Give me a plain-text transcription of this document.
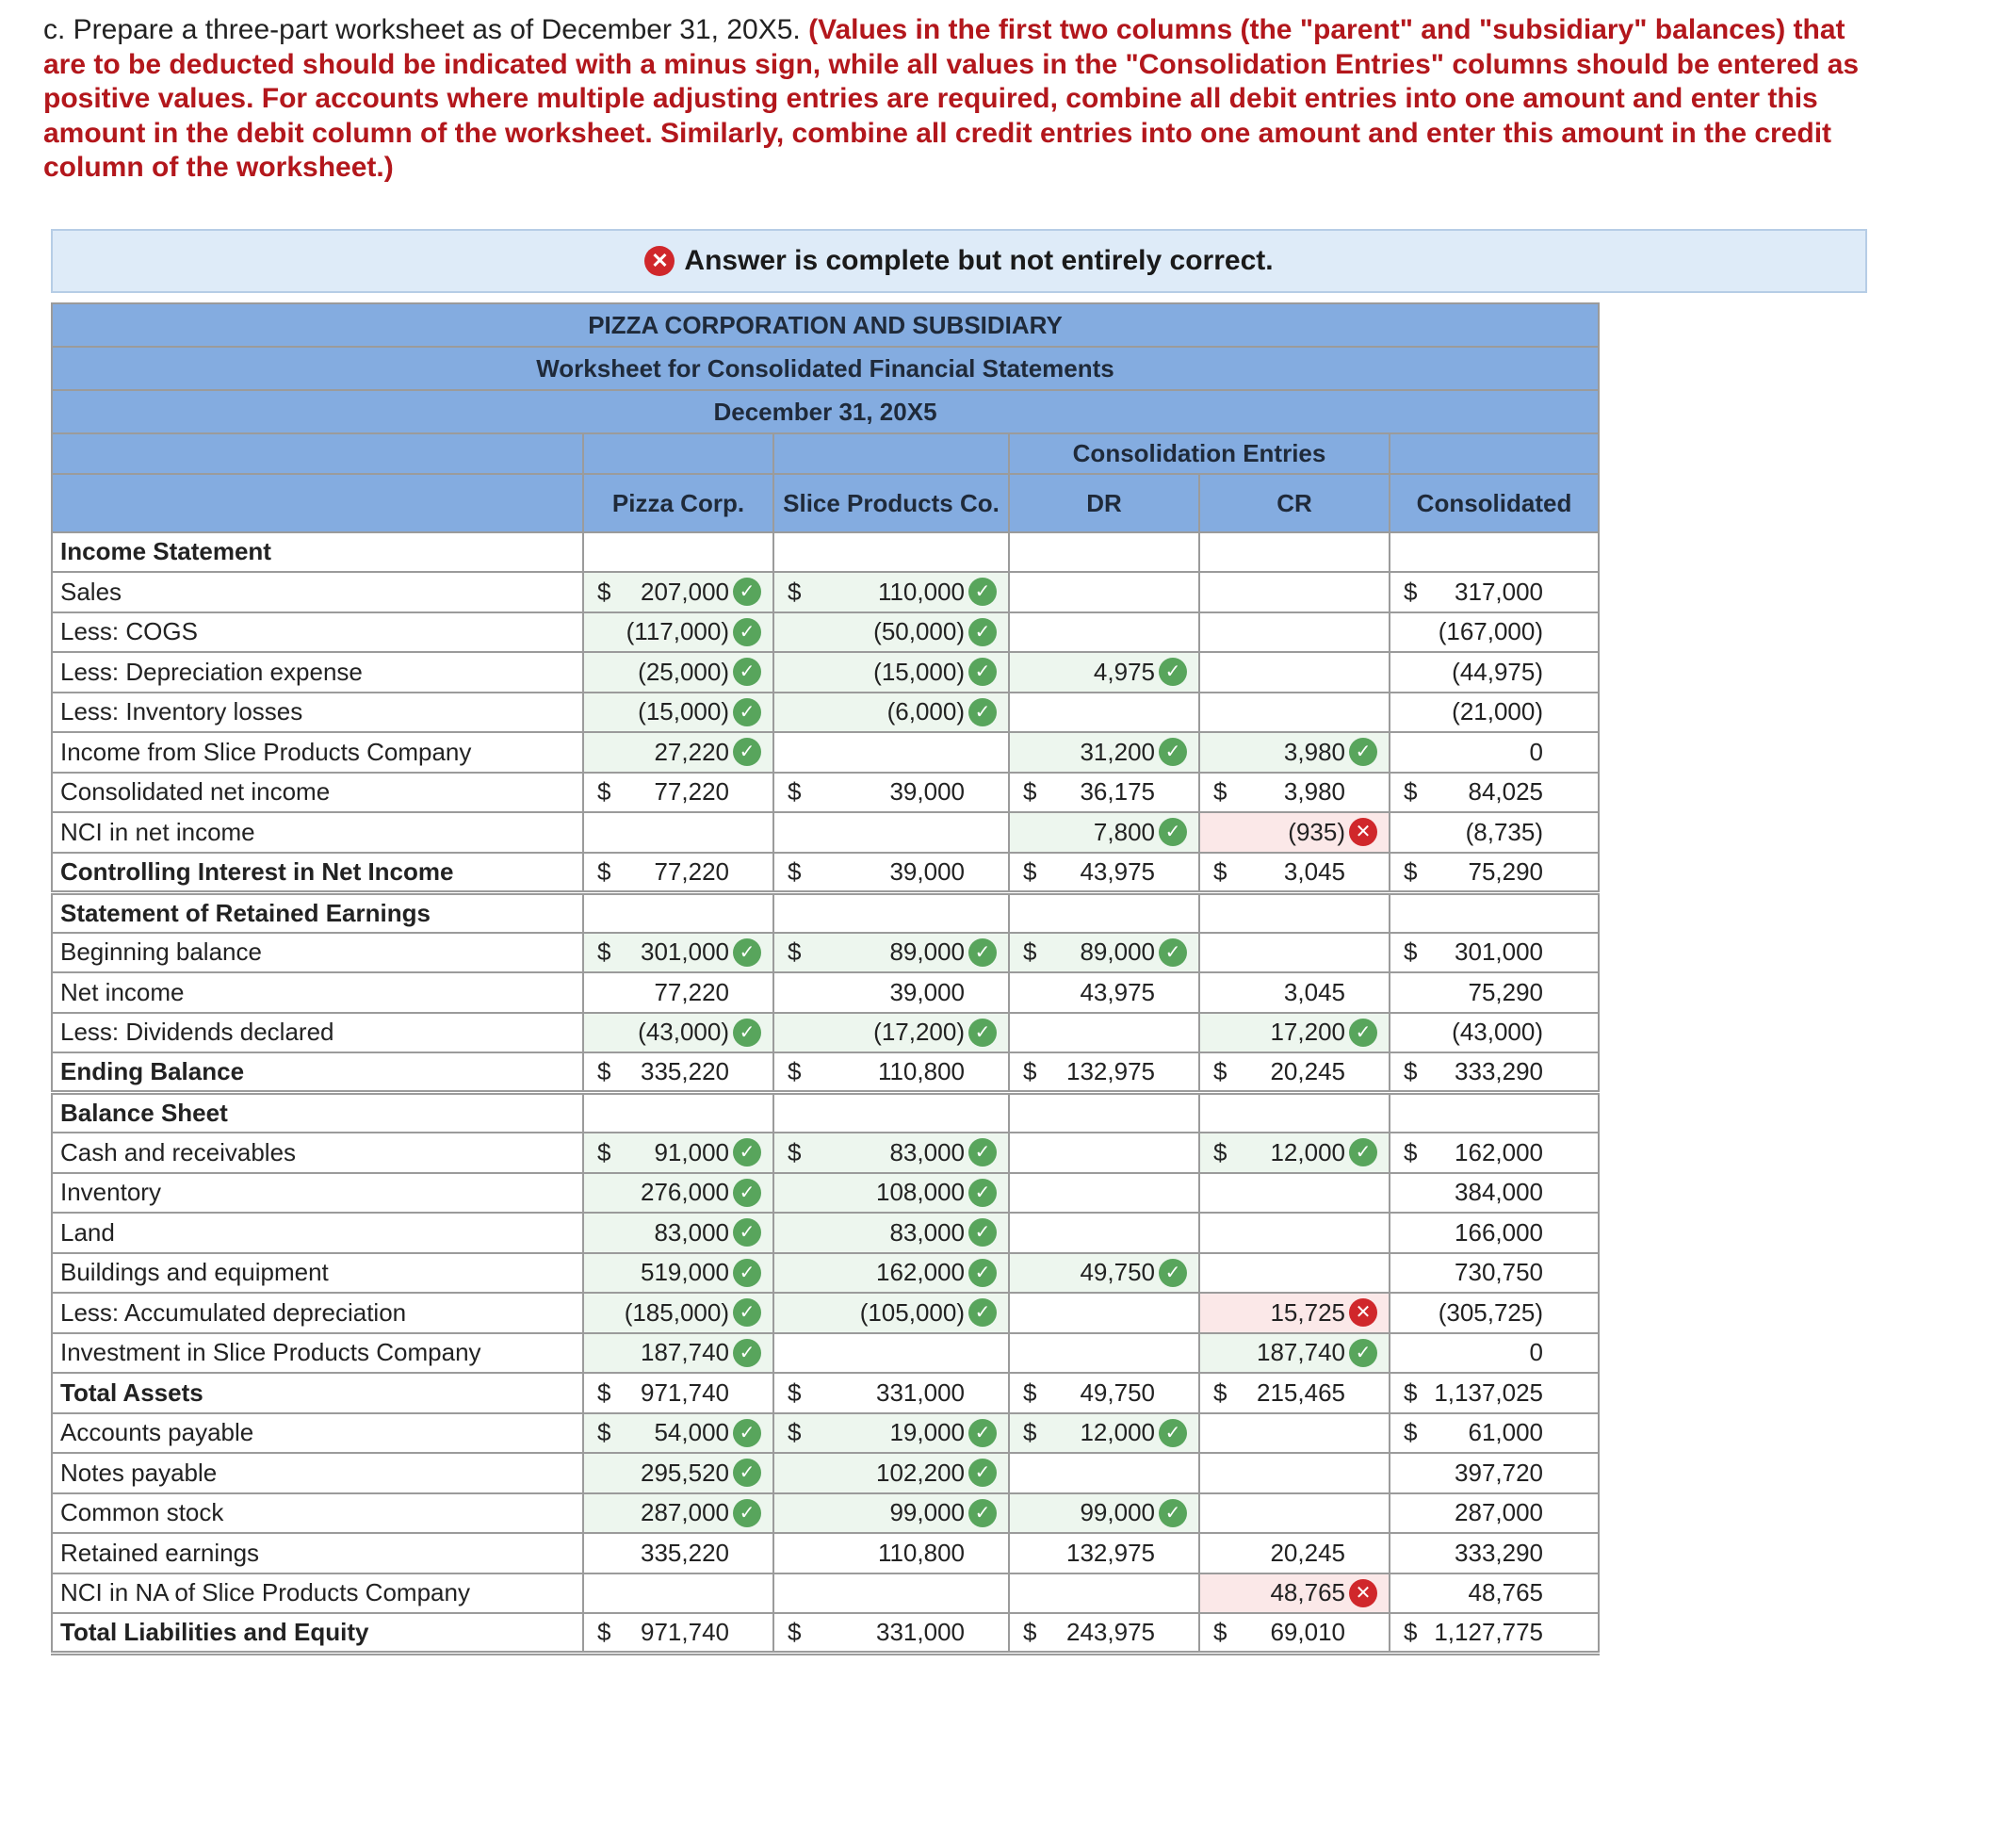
c. Prepare a three-part worksheet as of December 31, 20X5. (Values in the first two columns (the "parent" and "subsidiary" balances) that are to be deducted should be indicated with a minus sign, while all values in the "Consolidation Entries" columns should be entered as positive values. For accounts where multiple adjusting entries are required, combine all debit entries into one amount and enter this amount in the debit column of the worksheet. Similarly, combine all credit entries into one amount and enter this amount in the credit column of the worksheet.)
✕ Answer is complete but not entirely correct.
PIZZA CORPORATION AND SUBSIDIARY					
Worksheet for Consolidated Financial Statements					
December 31, 20X5					
			Consolidation Entries		
	Pizza Corp.	Slice Products Co.	DR	CR	Consolidated
Income Statement	

Sales	$ 207,000 ✓	$ 110,000 ✓			$ 317,000

Less: COGS	(117,000) ✓	(50,000) ✓			(167,000)

Less: Depreciation expense	(25,000) ✓	(15,000) ✓	4,975 ✓		(44,975)

Less: Inventory losses	(15,000) ✓	(6,000) ✓			(21,000)

Income from Slice Products Company	27,220 ✓		31,200 ✓	3,980 ✓	0

Consolidated net income	$ 77,220	$ 39,000	$ 36,175	$ 3,980	$ 84,025

NCI in net income			7,800 ✓	(935) ✕	(8,735)

Controlling Interest in Net Income	$ 77,220	$ 39,000	$ 43,975	$ 3,045	$ 75,290

Statement of Retained Earnings	

Beginning balance	$ 301,000 ✓	$ 89,000 ✓	$ 89,000 ✓		$ 301,000

Net income	77,220	39,000	43,975	3,045	75,290

Less: Dividends declared	(43,000) ✓	(17,200) ✓		17,200 ✓	(43,000)

Ending Balance	$ 335,220	$ 110,800	$ 132,975	$ 20,245	$ 333,290

Balance Sheet	

Cash and receivables	$ 91,000 ✓	$ 83,000 ✓		$ 12,000 ✓	$ 162,000

Inventory	276,000 ✓	108,000 ✓			384,000

Land	83,000 ✓	83,000 ✓			166,000

Buildings and equipment	519,000 ✓	162,000 ✓	49,750 ✓		730,750

Less: Accumulated depreciation	(185,000) ✓	(105,000) ✓		15,725 ✕	(305,725)

Investment in Slice Products Company	187,740 ✓			187,740 ✓	0

Total Assets	$ 971,740	$ 331,000	$ 49,750	$ 215,465	$ 1,137,025

Accounts payable	$ 54,000 ✓	$ 19,000 ✓	$ 12,000 ✓		$ 61,000

Notes payable	295,520 ✓	102,200 ✓			397,720

Common stock	287,000 ✓	99,000 ✓	99,000 ✓		287,000

Retained earnings	335,220	110,800	132,975	20,245	333,290

NCI in NA of Slice Products Company				48,765 ✕	48,765

Total Liabilities and Equity	$ 971,740	$ 331,000	$ 243,975	$ 69,010	$ 1,127,775
